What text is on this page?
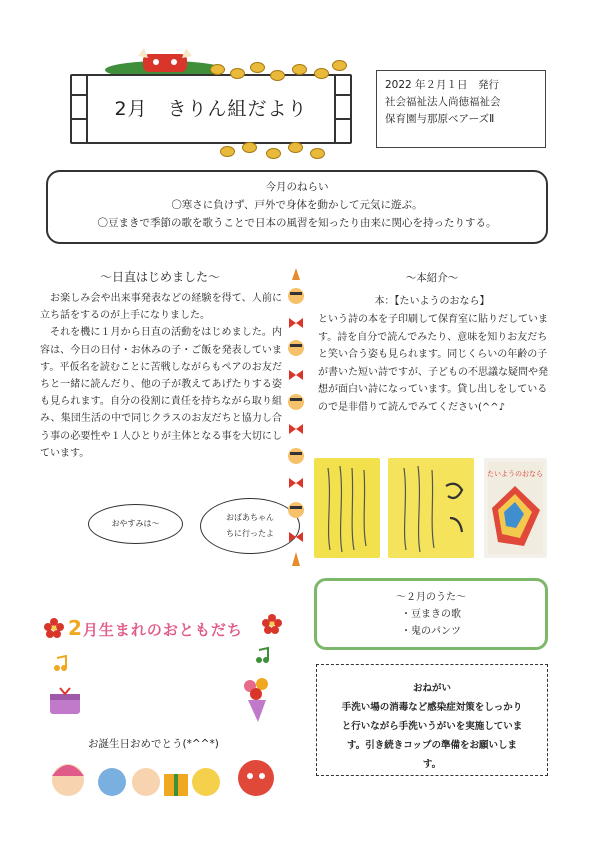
2月　きりん組だより
2022 年２月１日　発行
社会福祉法人尚徳福祉会
保育園与那原ベアーズⅡ
今月のねらい
〇寒さに負けず、戸外で身体を動かして元気に遊ぶ。
〇豆まきで季節の歌を歌うことで日本の風習を知ったり由来に関心を持ったりする。
～日直はじめました～

お楽しみ会や出来事発表などの経験を得て、人前に立ち話をするのが上手になりました。

それを機に１月から日直の活動をはじめました。内容は、今日の日付・お休みの子・ご飯を発表しています。平仮名を読むことに苦戦しながらもペアのお友だちと一緒に読んだり、他の子が教えてあげたりする姿も見られます。自分の役割に責任を持ちながら取り組み、集団生活の中で同じクラスのお友だちと協力し合う事の必要性や１人ひとりが主体となる事を大切にしています。

おやすみは～
おばあちゃん
ちに行ったよ
～本紹介～
本：【たいようのおなら】
という詩の本を子印刷して保育室に貼りだしています。詩を自分で読んでみたり、意味を知りお友だちと笑い合う姿も見られます。同じくらいの年齢の子が書いた短い詩ですが、子どもの不思議な疑問や発想が面白い詩になっています。貸し出しをしているので是非借りて読んでみてください(^^♪
たいようのおなら
～２月のうた～
・豆まきの歌
・鬼のパンツ
2月生まれのおともだち
お誕生日おめでとう(*^^*)
おねがい
手洗い場の消毒など感染症対策をしっかり
と行いながら手洗いうがいを実施していま
す。引き続きコップの準備をお願いしま
す。
